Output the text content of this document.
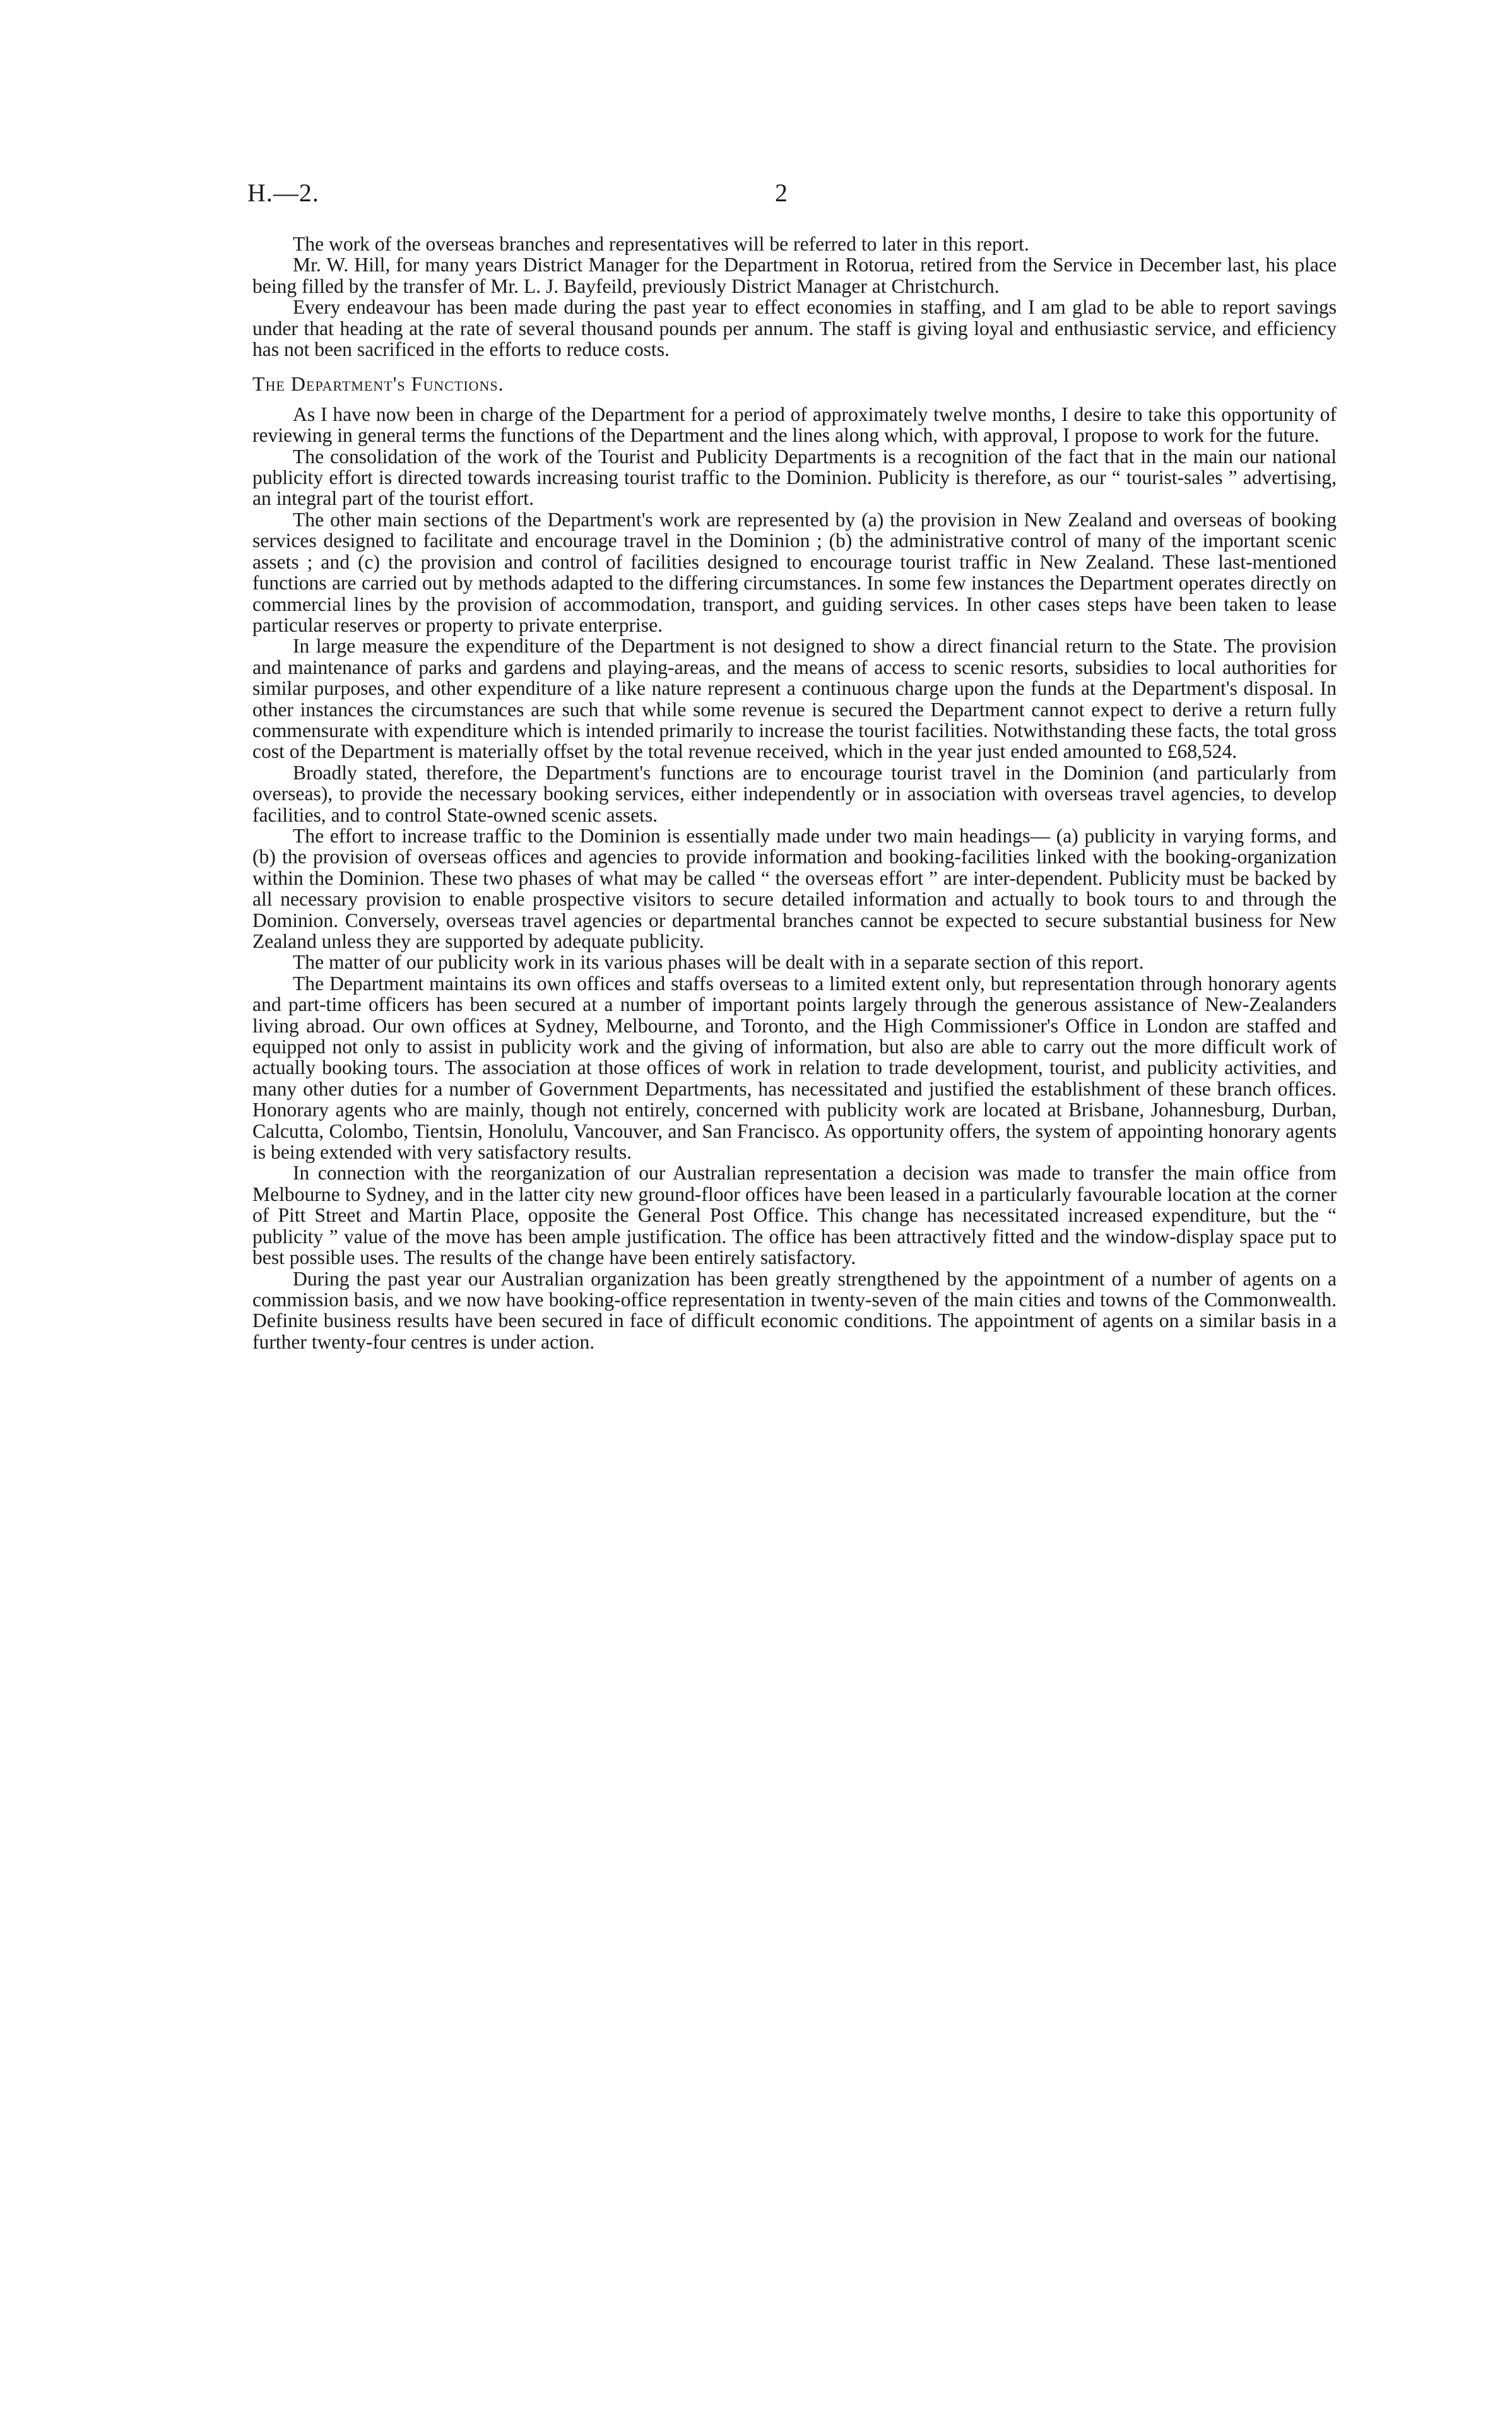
H.—2.	2

The work of the overseas branches and representatives will be referred to later in this report.

Mr. W. Hill, for many years District Manager for the Department in Rotorua, retired from the Service in December last, his place being filled by the transfer of Mr. L. J. Bayfeild, previously District Manager at Christchurch.

Every endeavour has been made during the past year to effect economies in staffing, and I am glad to be able to report savings under that heading at the rate of several thousand pounds per annum. The staff is giving loyal and enthusiastic service, and efficiency has not been sacrificed in the efforts to reduce costs.

The Department's Functions.

As I have now been in charge of the Department for a period of approximately twelve months, I desire to take this opportunity of reviewing in general terms the functions of the Department and the lines along which, with approval, I propose to work for the future.

The consolidation of the work of the Tourist and Publicity Departments is a recognition of the fact that in the main our national publicity effort is directed towards increasing tourist traffic to the Dominion. Publicity is therefore, as our “ tourist-sales ” advertising, an integral part of the tourist effort.

The other main sections of the Department's work are represented by (a) the provision in New Zealand and overseas of booking services designed to facilitate and encourage travel in the Dominion ; (b) the administrative control of many of the important scenic assets ; and (c) the provision and control of facilities designed to encourage tourist traffic in New Zealand. These last-mentioned functions are carried out by methods adapted to the differing circumstances. In some few instances the Department operates directly on commercial lines by the provision of accommodation, transport, and guiding services. In other cases steps have been taken to lease particular reserves or property to private enterprise.

In large measure the expenditure of the Department is not designed to show a direct financial return to the State. The provision and maintenance of parks and gardens and playing-areas, and the means of access to scenic resorts, subsidies to local authorities for similar purposes, and other expenditure of a like nature represent a continuous charge upon the funds at the Department's disposal. In other instances the circumstances are such that while some revenue is secured the Department cannot expect to derive a return fully commensurate with expenditure which is intended primarily to increase the tourist facilities. Notwithstanding these facts, the total gross cost of the Department is materially offset by the total revenue received, which in the year just ended amounted to £68,524.

Broadly stated, therefore, the Department's functions are to encourage tourist travel in the Dominion (and particularly from overseas), to provide the necessary booking services, either independently or in association with overseas travel agencies, to develop facilities, and to control State-owned scenic assets.

The effort to increase traffic to the Dominion is essentially made under two main headings— (a) publicity in varying forms, and (b) the provision of overseas offices and agencies to provide information and booking-facilities linked with the booking-organization within the Dominion. These two phases of what may be called “ the overseas effort ” are inter-dependent. Publicity must be backed by all necessary provision to enable prospective visitors to secure detailed information and actually to book tours to and through the Dominion. Conversely, overseas travel agencies or departmental branches cannot be expected to secure substantial business for New Zealand unless they are supported by adequate publicity.

The matter of our publicity work in its various phases will be dealt with in a separate section of this report.

The Department maintains its own offices and staffs overseas to a limited extent only, but representation through honorary agents and part-time officers has been secured at a number of important points largely through the generous assistance of New-Zealanders living abroad. Our own offices at Sydney, Melbourne, and Toronto, and the High Commissioner's Office in London are staffed and equipped not only to assist in publicity work and the giving of information, but also are able to carry out the more difficult work of actually booking tours. The association at those offices of work in relation to trade development, tourist, and publicity activities, and many other duties for a number of Government Departments, has necessitated and justified the establishment of these branch offices. Honorary agents who are mainly, though not entirely, concerned with publicity work are located at Brisbane, Johannesburg, Durban, Calcutta, Colombo, Tientsin, Honolulu, Vancouver, and San Francisco. As opportunity offers, the system of appointing honorary agents is being extended with very satisfactory results.

In connection with the reorganization of our Australian representation a decision was made to transfer the main office from Melbourne to Sydney, and in the latter city new ground-floor offices have been leased in a particularly favourable location at the corner of Pitt Street and Martin Place, opposite the General Post Office. This change has necessitated increased expenditure, but the “ publicity ” value of the move has been ample justification. The office has been attractively fitted and the window-display space put to best possible uses. The results of the change have been entirely satisfactory.

During the past year our Australian organization has been greatly strengthened by the appointment of a number of agents on a commission basis, and we now have booking-office representation in twenty-seven of the main cities and towns of the Commonwealth. Definite business results have been secured in face of difficult economic conditions. The appointment of agents on a similar basis in a further twenty-four centres is under action.
